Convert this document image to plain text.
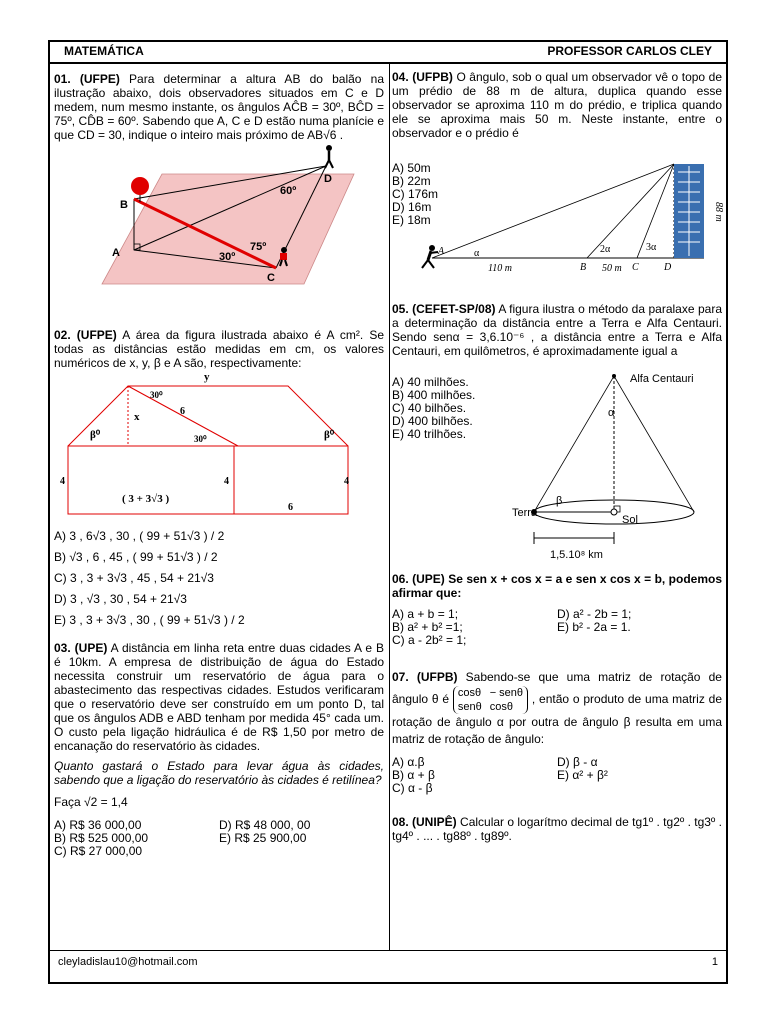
MATEMÁTICA	PROFESSOR CARLOS CLEY
cleyladislau10@hotmail.com	1
01. (UFPE) Para determinar a altura AB do balão na ilustração abaixo, dois observadores situados em C e D medem, num mesmo instante, os ângulos AĈB = 30º, BĈD = 75º, CD̂B = 60º. Sabendo que A, C e D estão numa planície e que CD = 30, indique o inteiro mais próximo de AB√6 .
B
A
C
D
60º
30º
75º
02. (UFPE) A área da figura ilustrada abaixo é A cm². Se todas as distâncias estão medidas em cm, os valores numéricos de x, y, β e A são, respectivamente:
y
x	6
30⁰
30⁰
β⁰	β⁰
4	4	4
( 3 + 3√3 )
6
A) 3 , 6√3 , 30 , ( 99 + 51√3 ) / 2
B) √3 , 6 , 45 , ( 99 + 51√3 ) / 2
C) 3 , 3 + 3√3 , 45 , 54 + 21√3
D) 3 , √3 , 30 , 54 + 21√3
E) 3 , 3 + 3√3 , 30 , ( 99 + 51√3 ) / 2
03. (UPE) A distância em linha reta entre duas cidades A e B é 10km. A empresa de distribuição de água do Estado necessita construir um reservatório de água para o abastecimento das respectivas cidades. Estudos verificaram que o reservatório deve ser construído em um ponto D, tal que os ângulos ADB e ABD tenham por medida 45° cada um. O custo pela ligação hidráulica é de R$ 1,50 por metro de encanação do reservatório às cidades.
Quanto gastará o Estado para levar água às cidades, sabendo que a ligação do reservatório às cidades é retilínea?
Faça √2 = 1,4
A) R$ 36 000,00
B) R$ 525 000,00
C) R$ 27 000,00
D) R$ 48 000, 00
E) R$ 25 900,00
04. (UFPB) O ângulo, sob o qual um observador vê o topo de um prédio de 88 m de altura, duplica quando esse observador se aproxima 110 m do prédio, e triplica quando ele se aproxima mais 50 m. Neste instante, entre o observador e o prédio é
A) 50m
B) 22m
C) 176m
D) 16m
E) 18m
A
B	C	D
α	2α	3α
110 m	50 m
88 m
05. (CEFET-SP/08) A figura ilustra o método da paralaxe para a determinação da distância entre a Terra e Alfa Centauri. Sendo senα = 3,6.10⁻⁶ , a distância entre a Terra e Alfa Centauri, em quilômetros, é aproximadamente igual a
A) 40 milhões.
B) 400 milhões.
C) 40 bilhões.
D) 400 bilhões.
E) 40 trilhões.
Alfa Centauri
α
β
Terra
Sol
1,5.10⁸ km
06. (UPE) Se sen x + cos x = a e sen x cos x = b, podemos afirmar que:
A) a + b = 1;
B) a² + b² =1;
C) a - 2b² = 1;
D) a² - 2b = 1;
E) b² - 2a = 1.
07. (UFPB) Sabendo-se que uma matriz de rotação de ângulo θ é cosθ − senθ
senθ cosθ
, então o produto de uma matriz de rotação de ângulo α por outra de ângulo β resulta em uma matriz de rotação de ângulo:
A) α.β
B) α + β
C) α - β
D) β - α
E) α² + β²
08. (UNIPÊ) Calcular o logarítmo decimal de tg1º . tg2º . tg3º . tg4º . ... . tg88º . tg89º.
